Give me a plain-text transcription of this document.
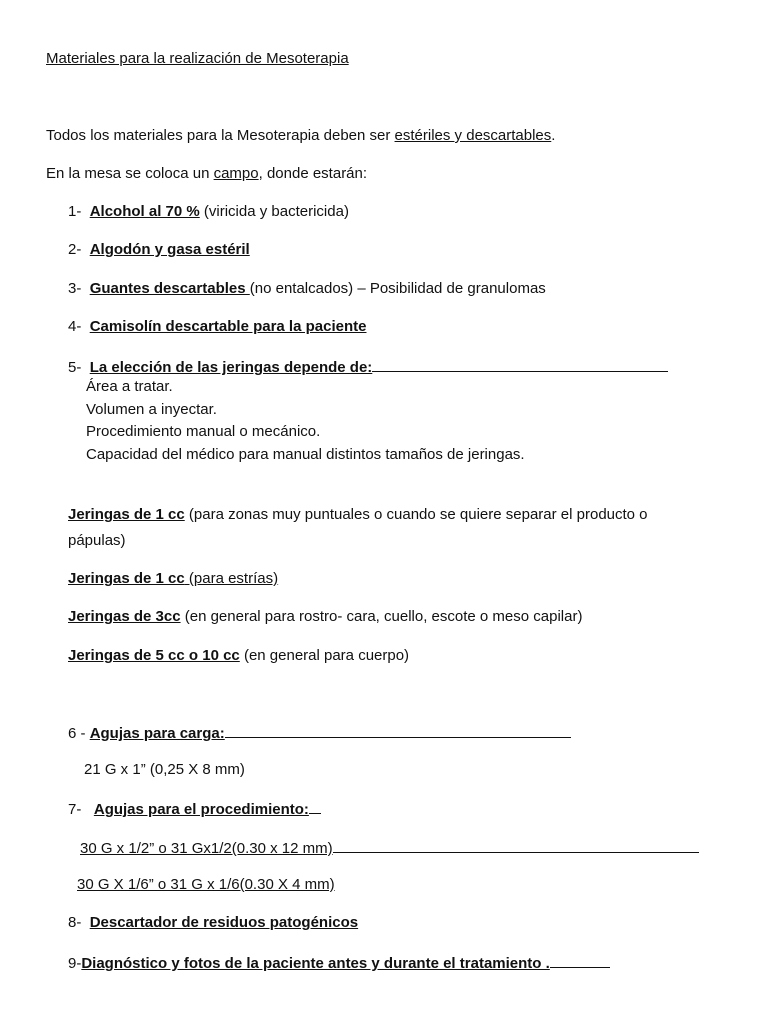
Materiales para la realización de Mesoterapia
Todos los materiales para la Mesoterapia deben ser estériles y descartables.
En la mesa se coloca un campo, donde estarán:
1- Alcohol al 70 % (viricida y bactericida)
2- Algodón y gasa estéril
3- Guantes descartables (no entalcados) – Posibilidad de granulomas
4- Camisolín descartable para la paciente
5- La elección de las jeringas depende de:
Área a tratar.
Volumen a inyectar.
Procedimiento manual o mecánico.
Capacidad del médico para manual distintos tamaños de jeringas.
Jeringas de 1 cc (para zonas muy puntuales o cuando se quiere separar el producto o
pápulas)
Jeringas de 1 cc (para estrías)
Jeringas de 3cc (en general para rostro- cara, cuello, escote o meso capilar)
Jeringas de 5 cc o 10 cc (en general para cuerpo)
6 - Agujas para carga:
21 G x 1” (0,25 X 8 mm)
7- Agujas para el procedimiento:
30 G x 1/2” o 31 Gx1/2(0.30 x 12 mm)
30 G X 1/6” o 31 G x 1/6(0.30 X 4 mm)
8- Descartador de residuos patogénicos
9-Diagnóstico y fotos de la paciente antes y durante el tratamiento .
